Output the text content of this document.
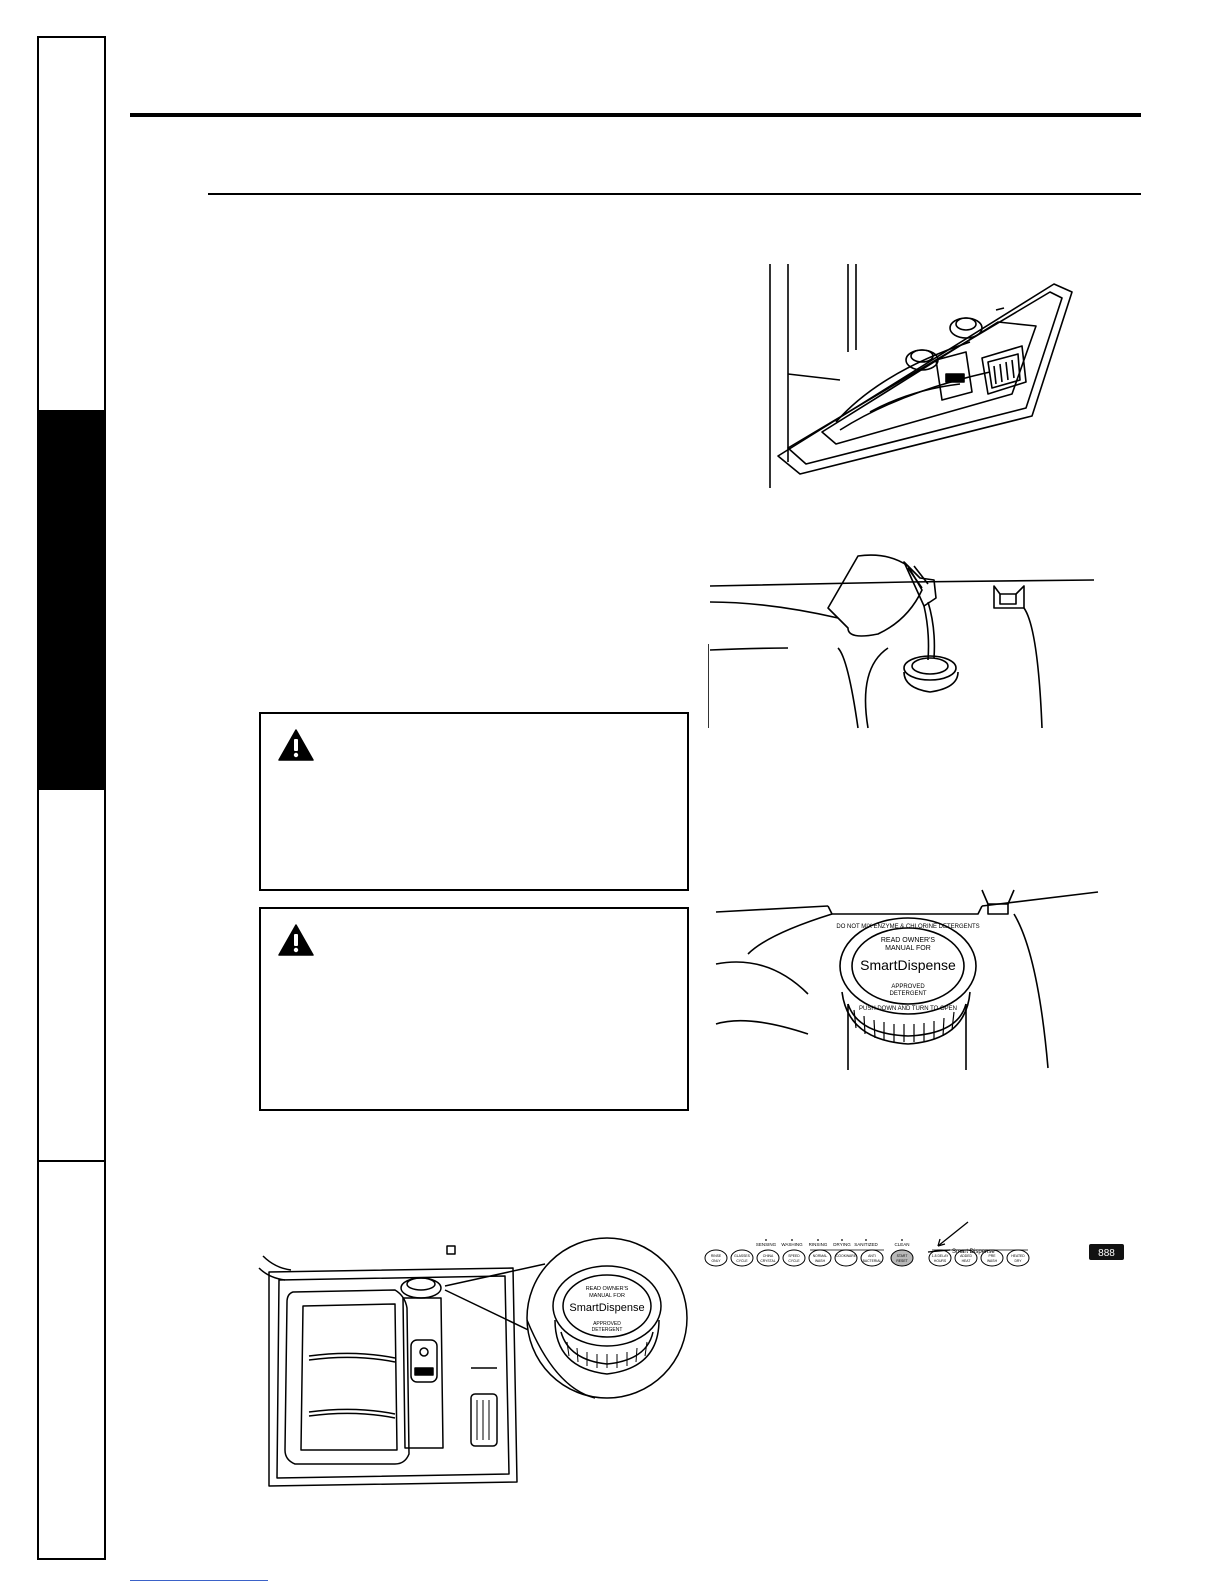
READ OWNER'S
MANUAL FOR
SmartDispense
APPROVED
DETERGENT
DO NOT MIX ENZYME & CHLORINE DETERGENTS
PUSH DOWN AND TURN TO OPEN
READ OWNER'S
MANUAL FOR
SmartDispense
APPROVED
DETERGENT
SENSING WASHING RINSING DRYING SANITIZED	CLEAN
RINSE
ONLY
GLASSES
CYCLE
CHINA
CRYSTAL
SPEED
CYCLE
NORMAL
WASH
COOKWARE	ANTI
BACTERIAL
START
RESET
1-8 DELAY
HOURS
ADDED
HEAT
PRE
WASH
HEATED
DRY
Smart Dispense	888
